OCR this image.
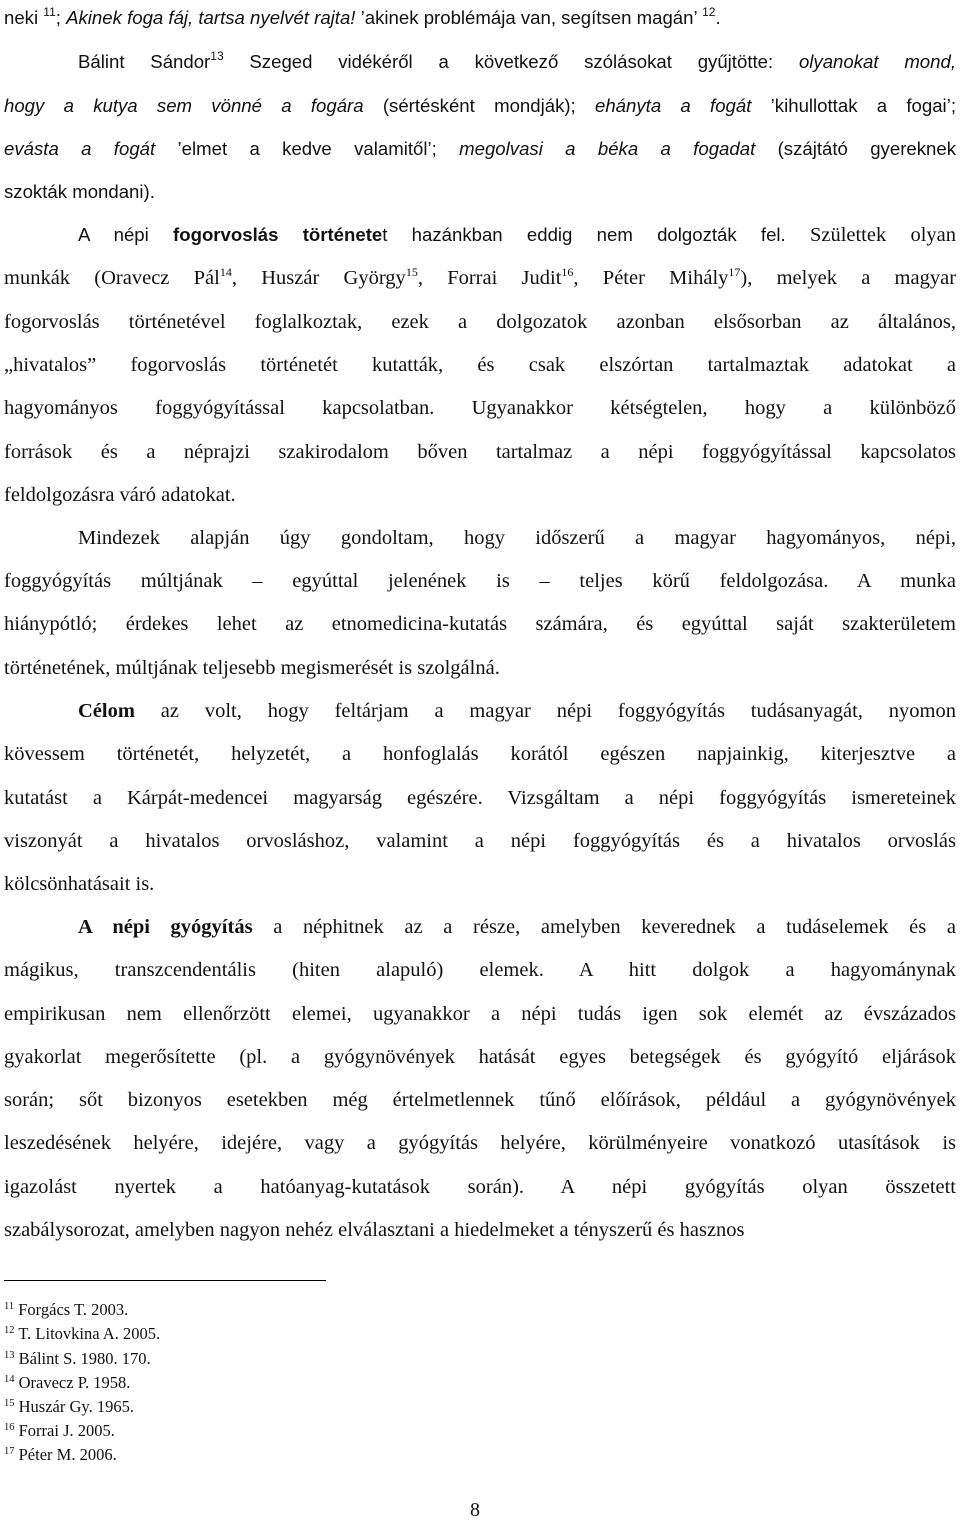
neki $^{11}$; Akinek foga fáj, tartsa nyelvét rajta! ’akinek problémája van, segítsen magán’ $^{12}$.
Bálint Sándor$^{13}$ Szeged vidékéről a következő szólásokat gyűjtötte: olyanokat mond,
hogy a kutya sem vönné a fogára (sértésként mondják); ehányta a fogát ’kihullottak a fogai’;
evásta a fogát ’elmet a kedve valamitől’; megolvasi a béka a fogadat (szájtátó gyereknek
szokták mondani).
A népi fogorvoslás történetet hazánkban eddig nem dolgozták fel. Születtek olyan
munkák (Oravecz Pál$^{14}$, Huszár György$^{15}$, Forrai Judit$^{16}$, Péter Mihály$^{17}$), melyek a magyar
fogorvoslás történetével foglalkoztak, ezek a dolgozatok azonban elsősorban az általános,
„hivatalos” fogorvoslás történetét kutatták, és csak elszórtan tartalmaztak adatokat a
hagyományos foggyógyítással kapcsolatban. Ugyanakkor kétségtelen, hogy a különböző
források és a néprajzi szakirodalom bőven tartalmaz a népi foggyógyítással kapcsolatos
feldolgozásra váró adatokat.
Mindezek alapján úgy gondoltam, hogy időszerű a magyar hagyományos, népi,
foggyógyítás múltjának – egyúttal jelenének is – teljes körű feldolgozása. A munka
hiánypótló; érdekes lehet az etnomedicina-kutatás számára, és egyúttal saját szakterületem
történetének, múltjának teljesebb megismerését is szolgálná.
Célom az volt, hogy feltárjam a magyar népi foggyógyítás tudásanyagát, nyomon
kövessem történetét, helyzetét, a honfoglalás korától egészen napjainkig, kiterjesztve a
kutatást a Kárpát-medencei magyarság egészére. Vizsgáltam a népi foggyógyítás ismereteinek
viszonyát a hivatalos orvosláshoz, valamint a népi foggyógyítás és a hivatalos orvoslás
kölcsönhatásait is.
A népi gyógyítás a néphitnek az a része, amelyben keverednek a tudáselemek és a
mágikus, transzcendentális (hiten alapuló) elemek. A hitt dolgok a hagyománynak
empirikusan nem ellenőrzött elemei, ugyanakkor a népi tudás igen sok elemét az évszázados
gyakorlat megerősítette (pl. a gyógynövények hatását egyes betegségek és gyógyító eljárások
során; sőt bizonyos esetekben még értelmetlennek tűnő előírások, például a gyógynövények
leszedésének helyére, idejére, vagy a gyógyítás helyére, körülményeire vonatkozó utasítások is
igazolást nyertek a hatóanyag-kutatások során). A népi gyógyítás olyan összetett
szabálysorozat, amelyben nagyon nehéz elválasztani a hiedelmeket a tényszerű és hasznos
$^{11}$ Forgács T. 2003.
$^{12}$ T. Litovkina A. 2005.
$^{13}$ Bálint S. 1980. 170.
$^{14}$ Oravecz P. 1958.
$^{15}$ Huszár Gy. 1965.
$^{16}$ Forrai J. 2005.
$^{17}$ Péter M. 2006.
8
